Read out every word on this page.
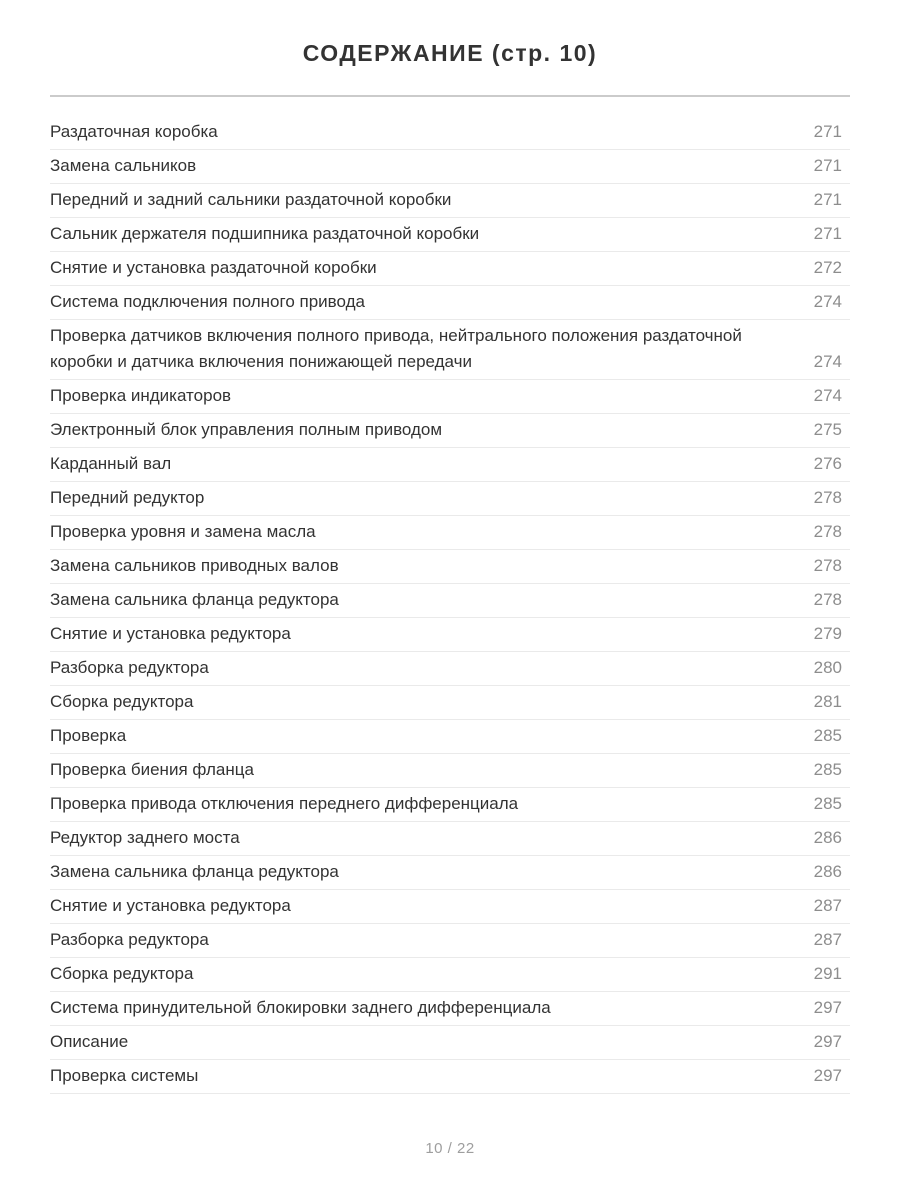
СОДЕРЖАНИЕ (стр. 10)
Раздаточная коробка	271
Замена сальников	271
Передний и задний сальники раздаточной коробки	271
Сальник держателя подшипника раздаточной коробки	271
Снятие и установка раздаточной коробки	272
Система подключения полного привода	274
Проверка датчиков включения полного привода, нейтрального положения раздаточной коробки и датчика включения понижающей передачи	274
Проверка индикаторов	274
Электронный блок управления полным приводом	275
Карданный вал	276
Передний редуктор	278
Проверка уровня и замена масла	278
Замена сальников приводных валов	278
Замена сальника фланца редуктора	278
Снятие и установка редуктора	279
Разборка редуктора	280
Сборка редуктора	281
Проверка	285
Проверка биения фланца	285
Проверка привода отключения переднего дифференциала	285
Редуктор заднего моста	286
Замена сальника фланца редуктора	286
Снятие и установка редуктора	287
Разборка редуктора	287
Сборка редуктора	291
Система принудительной блокировки заднего дифференциала	297
Описание	297
Проверка системы	297
10 / 22
